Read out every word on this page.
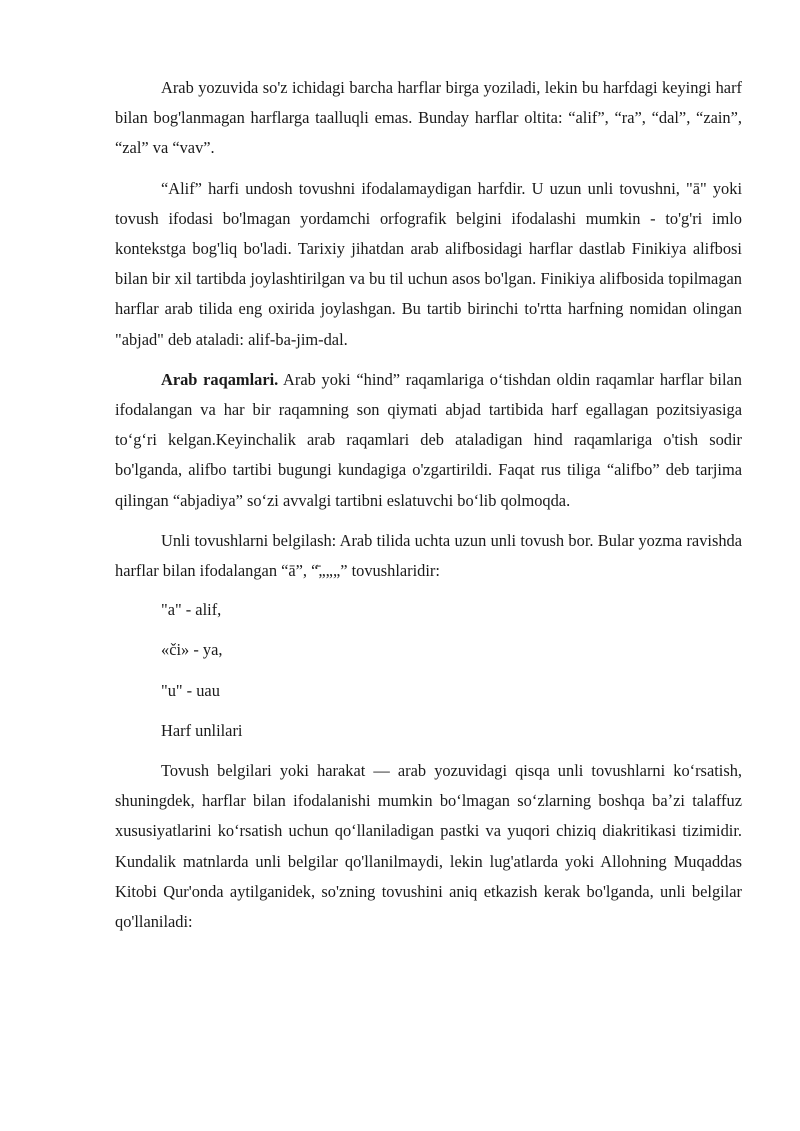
Arab yozuvida so'z ichidagi barcha harflar birga yoziladi, lekin bu harfdagi keyingi harf bilan bog'lanmagan harflarga taalluqli emas. Bunday harflar oltita: “alif”, “ra”, “dal”, “zain”, “zal” va “vav”.

“Alif” harfi undosh tovushni ifodalamaydigan harfdir. U uzun unli tovushni, "ā" yoki tovush ifodasi bo'lmagan yordamchi orfografik belgini ifodalashi mumkin - to'g'ri imlo kontekstga bog'liq bo'ladi. Tarixiy jihatdan arab alifbosidagi harflar dastlab Finikiya alifbosi bilan bir xil tartibda joylashtirilgan va bu til uchun asos bo'lgan. Finikiya alifbosida topilmagan harflar arab tilida eng oxirida joylashgan. Bu tartib birinchi to'rtta harfning nomidan olingan "abjad" deb ataladi: alif-ba-jim-dal.

Arab raqamlari. Arab yoki “hind” raqamlariga oʻtishdan oldin raqamlar harflar bilan ifodalangan va har bir raqamning son qiymati abjad tartibida harf egallagan pozitsiyasiga toʻgʻri kelgan.Keyinchalik arab raqamlari deb ataladigan hind raqamlariga o'tish sodir bo'lganda, alifbo tartibi bugungi kundagiga o'zgartirildi. Faqat rus tiliga “alifbo” deb tarjima qilingan “abjadiya” soʻzi avvalgi tartibni eslatuvchi boʻlib qolmoqda.

Unli tovushlarni belgilash: Arab tilida uchta uzun unli tovush bor. Bular yozma ravishda harflar bilan ifodalangan “ā”, “̄„„„” tovushlaridir:

"a" - alif,

«či» - ya,

"u" - uau

Harf unlilari

Tovush belgilari yoki harakat — arab yozuvidagi qisqa unli tovushlarni koʻrsatish, shuningdek, harflar bilan ifodalanishi mumkin boʻlmagan soʻzlarning boshqa baʼzi talaffuz xususiyatlarini koʻrsatish uchun qoʻllaniladigan pastki va yuqori chiziq diakritikasi tizimidir. Kundalik matnlarda unli belgilar qo'llanilmaydi, lekin lug'atlarda yoki Allohning Muqaddas Kitobi Qur'onda aytilganidek, so'zning tovushini aniq etkazish kerak bo'lganda, unli belgilar qo'llaniladi:
